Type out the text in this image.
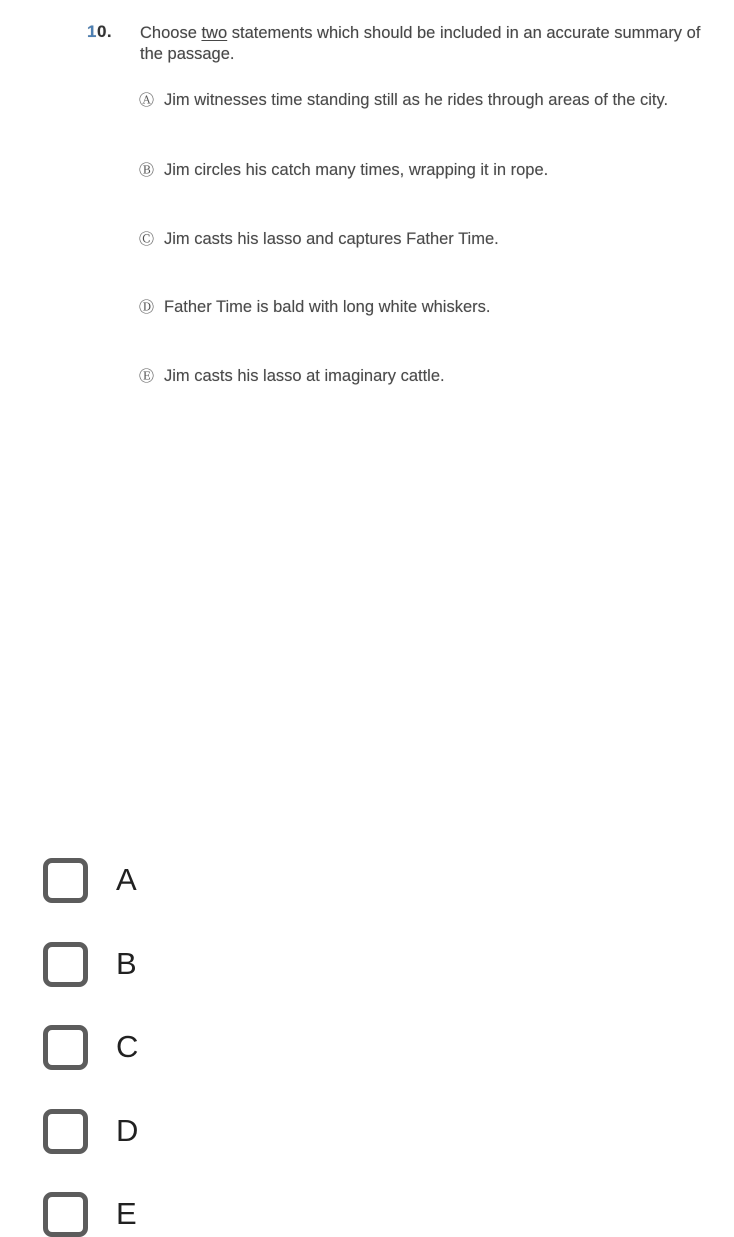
10. Choose two statements which should be included in an accurate summary of the passage.
Ⓐ Jim witnesses time standing still as he rides through areas of the city.
Ⓑ Jim circles his catch many times, wrapping it in rope.
Ⓒ Jim casts his lasso and captures Father Time.
Ⓓ Father Time is bald with long white whiskers.
Ⓔ Jim casts his lasso at imaginary cattle.
A
B
C
D
E
